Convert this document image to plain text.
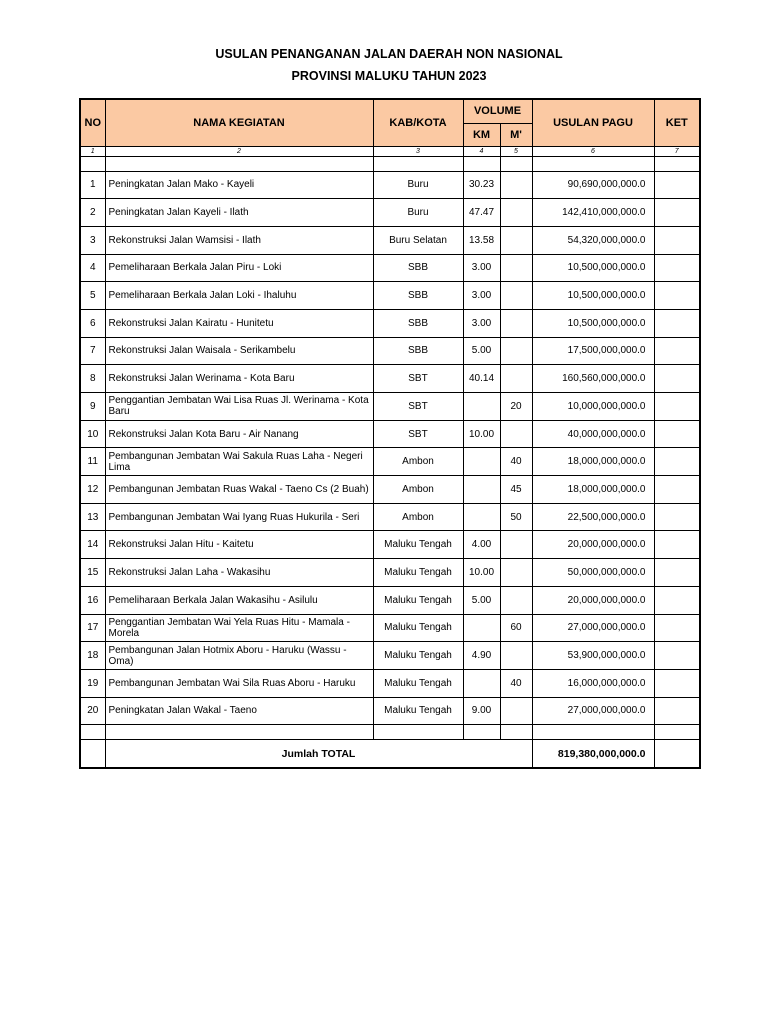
USULAN PENANGANAN JALAN DAERAH NON NASIONAL
PROVINSI MALUKU TAHUN 2023
NO	NAMA KEGIATAN	KAB/KOTA	VOLUME		USULAN PAGU	KET
			KM	M'		
1	2	3	4	5	6	7

1	Peningkatan Jalan Mako - Kayeli	Buru	30.23		90,690,000,000.0	
2	Peningkatan Jalan Kayeli - Ilath	Buru	47.47		142,410,000,000.0	
3	Rekonstruksi Jalan Wamsisi - Ilath	Buru Selatan	13.58		54,320,000,000.0	
4	Pemeliharaan Berkala Jalan Piru - Loki	SBB	3.00		10,500,000,000.0	
5	Pemeliharaan Berkala Jalan Loki - Ihaluhu	SBB	3.00		10,500,000,000.0	
6	Rekonstruksi Jalan Kairatu - Hunitetu	SBB	3.00		10,500,000,000.0	
7	Rekonstruksi Jalan Waisala - Serikambelu	SBB	5.00		17,500,000,000.0	
8	Rekonstruksi Jalan Werinama - Kota Baru	SBT	40.14		160,560,000,000.0	
9	Penggantian Jembatan Wai Lisa Ruas Jl. Werinama - Kota Baru	SBT		20	10,000,000,000.0	
10	Rekonstruksi Jalan Kota Baru - Air Nanang	SBT	10.00		40,000,000,000.0	
11	Pembangunan Jembatan Wai Sakula Ruas Laha - Negeri Lima	Ambon		40	18,000,000,000.0	
12	Pembangunan Jembatan Ruas Wakal - Taeno Cs (2 Buah)	Ambon		45	18,000,000,000.0	
13	Pembangunan Jembatan Wai Iyang Ruas Hukurila - Seri	Ambon		50	22,500,000,000.0	
14	Rekonstruksi Jalan Hitu - Kaitetu	Maluku Tengah	4.00		20,000,000,000.0	
15	Rekonstruksi Jalan Laha - Wakasihu	Maluku Tengah	10.00		50,000,000,000.0	
16	Pemeliharaan Berkala Jalan Wakasihu - Asilulu	Maluku Tengah	5.00		20,000,000,000.0	
17	Penggantian Jembatan Wai Yela Ruas Hitu - Mamala - Morela	Maluku Tengah		60	27,000,000,000.0	
18	Pembangunan Jalan Hotmix Aboru - Haruku (Wassu - Oma)	Maluku Tengah	4.90		53,900,000,000.0	
19	Pembangunan Jembatan Wai Sila Ruas Aboru - Haruku	Maluku Tengah		40	16,000,000,000.0	
20	Peningkatan Jalan Wakal - Taeno	Maluku Tengah	9.00		27,000,000,000.0	

	Jumlah TOTAL				819,380,000,000.0	
